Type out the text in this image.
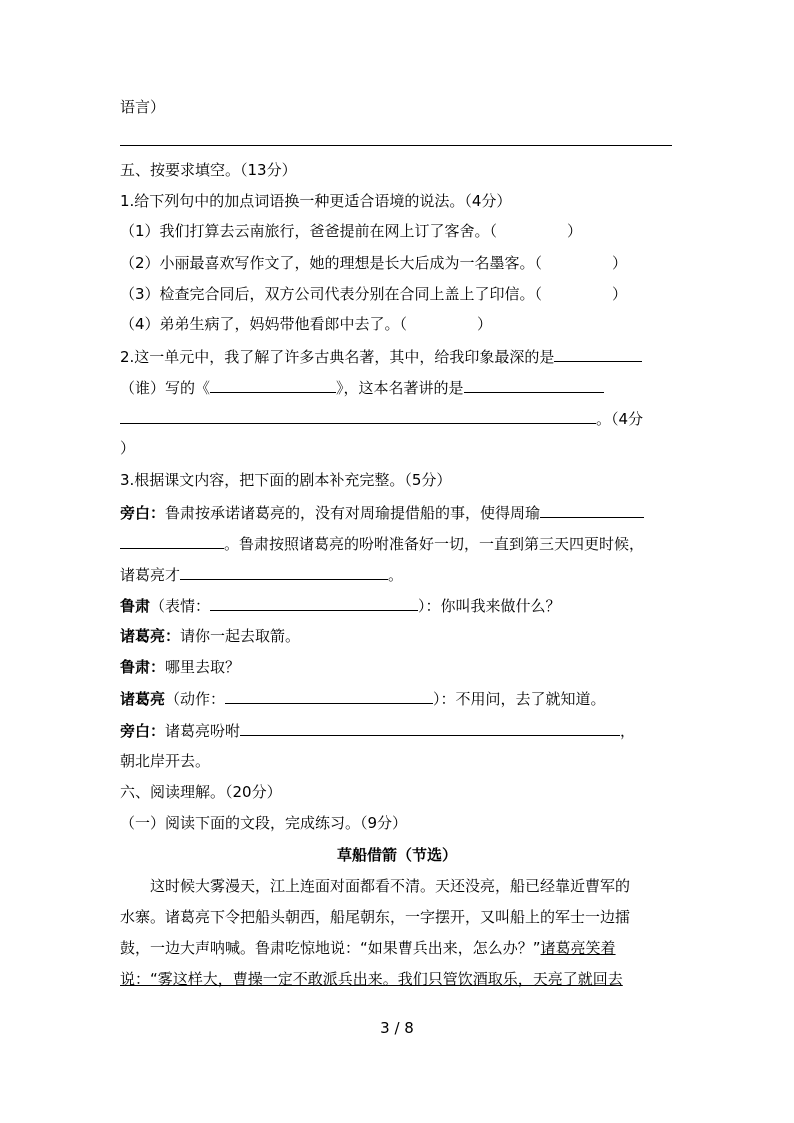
语言）
五、按要求填空。（13分）
1.给下列句中的加点词语换一种更适合语境的说法。（4分）
（1）我们打算去云南旅行，爸爸提前在网上订了客舍。（	）
（2）小丽最喜欢写作文了，她的理想是长大后成为一名墨客。（	）
（3）检查完合同后，双方公司代表分别在合同上盖上了印信。（	）
（4）弟弟生病了，妈妈带他看郎中去了。（	）
2.这一单元中，我了解了许多古典名著，其中，给我印象最深的是
（谁）写的《	》，这本名著讲的是
。（4分
）
3.根据课文内容，把下面的剧本补充完整。（5分）
旁白：鲁肃按承诺诸葛亮的，没有对周瑜提借船的事，使得周瑜
。鲁肃按照诸葛亮的吩咐准备好一切，一直到第三天四更时候，
诸葛亮才	。
鲁肃（表情：	）：你叫我来做什么？
诸葛亮：请你一起去取箭。
鲁肃：哪里去取？
诸葛亮（动作：	）：不用问，去了就知道。
旁白：诸葛亮吩咐	，
朝北岸开去。
六、阅读理解。（20分）
（一）阅读下面的文段，完成练习。（9分）
草船借箭（节选）
这时候大雾漫天，江上连面对面都看不清。天还没亮，船已经靠近曹军的
水寨。诸葛亮下令把船头朝西，船尾朝东，一字摆开，又叫船上的军士一边擂
鼓，一边大声呐喊。鲁肃吃惊地说：“如果曹兵出来，怎么办？”诸葛亮笑着
说：“雾这样大，曹操一定不敢派兵出来。我们只管饮酒取乐，天亮了就回去
3 / 8
